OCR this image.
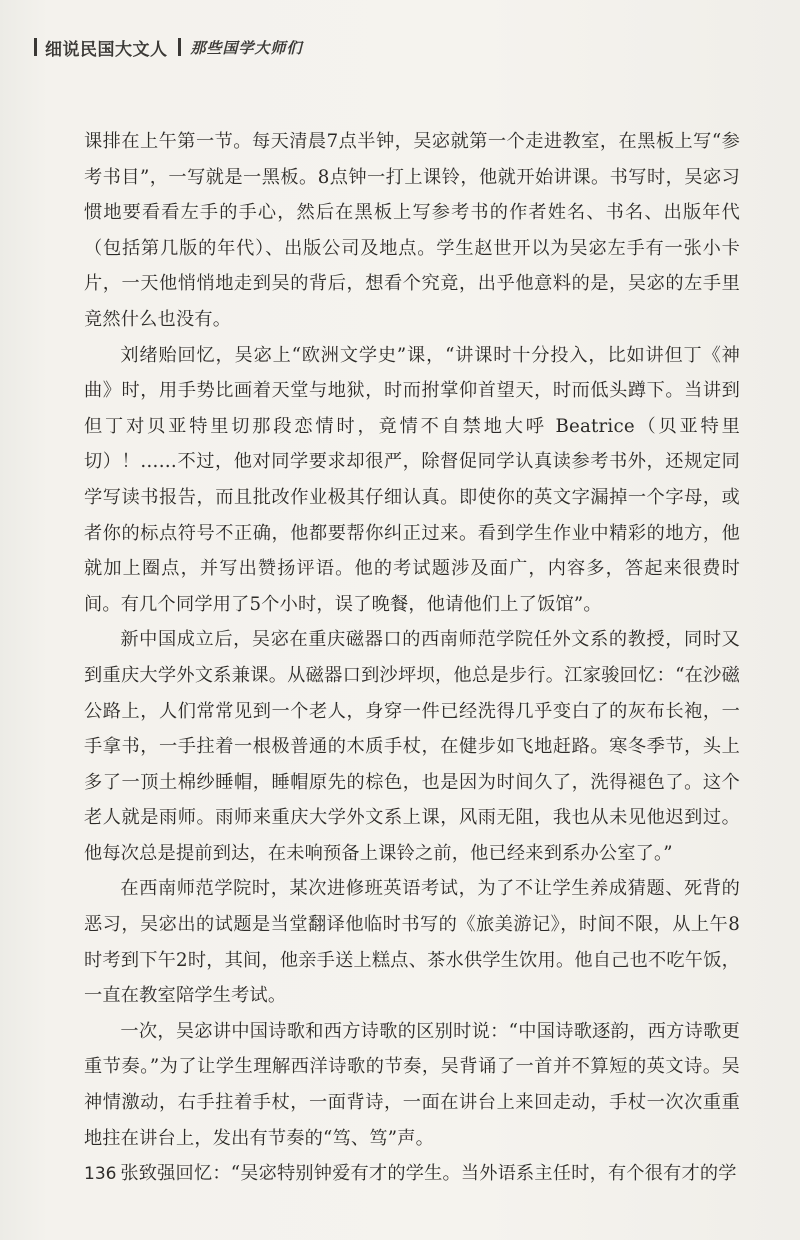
细说民国大文人 那些国学大师们

课排在上午第一节。每天清晨7点半钟，吴宓就第一个走进教室，在黑板上写“参考书目”，一写就是一黑板。8点钟一打上课铃，他就开始讲课。书写时，吴宓习惯地要看看左手的手心，然后在黑板上写参考书的作者姓名、书名、出版年代（包括第几版的年代）、出版公司及地点。学生赵世开以为吴宓左手有一张小卡片，一天他悄悄地走到吴的背后，想看个究竟，出乎他意料的是，吴宓的左手里竟然什么也没有。

刘绪贻回忆，吴宓上“欧洲文学史”课，“讲课时十分投入，比如讲但丁《神曲》时，用手势比画着天堂与地狱，时而拊掌仰首望天，时而低头蹲下。当讲到但丁对贝亚特里切那段恋情时，竟情不自禁地大呼 Beatrice（贝亚特里切）！……不过，他对同学要求却很严，除督促同学认真读参考书外，还规定同学写读书报告，而且批改作业极其仔细认真。即使你的英文字漏掉一个字母，或者你的标点符号不正确，他都要帮你纠正过来。看到学生作业中精彩的地方，他就加上圈点，并写出赞扬评语。他的考试题涉及面广，内容多，答起来很费时间。有几个同学用了5个小时，误了晚餐，他请他们上了饭馆”。

新中国成立后，吴宓在重庆磁器口的西南师范学院任外文系的教授，同时又到重庆大学外文系兼课。从磁器口到沙坪坝，他总是步行。江家骏回忆：“在沙磁公路上，人们常常见到一个老人，身穿一件已经洗得几乎变白了的灰布长袍，一手拿书，一手拄着一根极普通的木质手杖，在健步如飞地赶路。寒冬季节，头上多了一顶土棉纱睡帽，睡帽原先的棕色，也是因为时间久了，洗得褪色了。这个老人就是雨师。雨师来重庆大学外文系上课，风雨无阻，我也从未见他迟到过。他每次总是提前到达，在未响预备上课铃之前，他已经来到系办公室了。”

在西南师范学院时，某次进修班英语考试，为了不让学生养成猜题、死背的恶习，吴宓出的试题是当堂翻译他临时书写的《旅美游记》，时间不限，从上午8时考到下午2时，其间，他亲手送上糕点、茶水供学生饮用。他自己也不吃午饭，一直在教室陪学生考试。

一次，吴宓讲中国诗歌和西方诗歌的区别时说：“中国诗歌逐韵，西方诗歌更重节奏。”为了让学生理解西洋诗歌的节奏，吴背诵了一首并不算短的英文诗。吴神情激动，右手拄着手杖，一面背诗，一面在讲台上来回走动，手杖一次次重重地拄在讲台上，发出有节奏的“笃、笃”声。

张致强回忆：“吴宓特别钟爱有才的学生。当外语系主任时，有个很有才的学

136
